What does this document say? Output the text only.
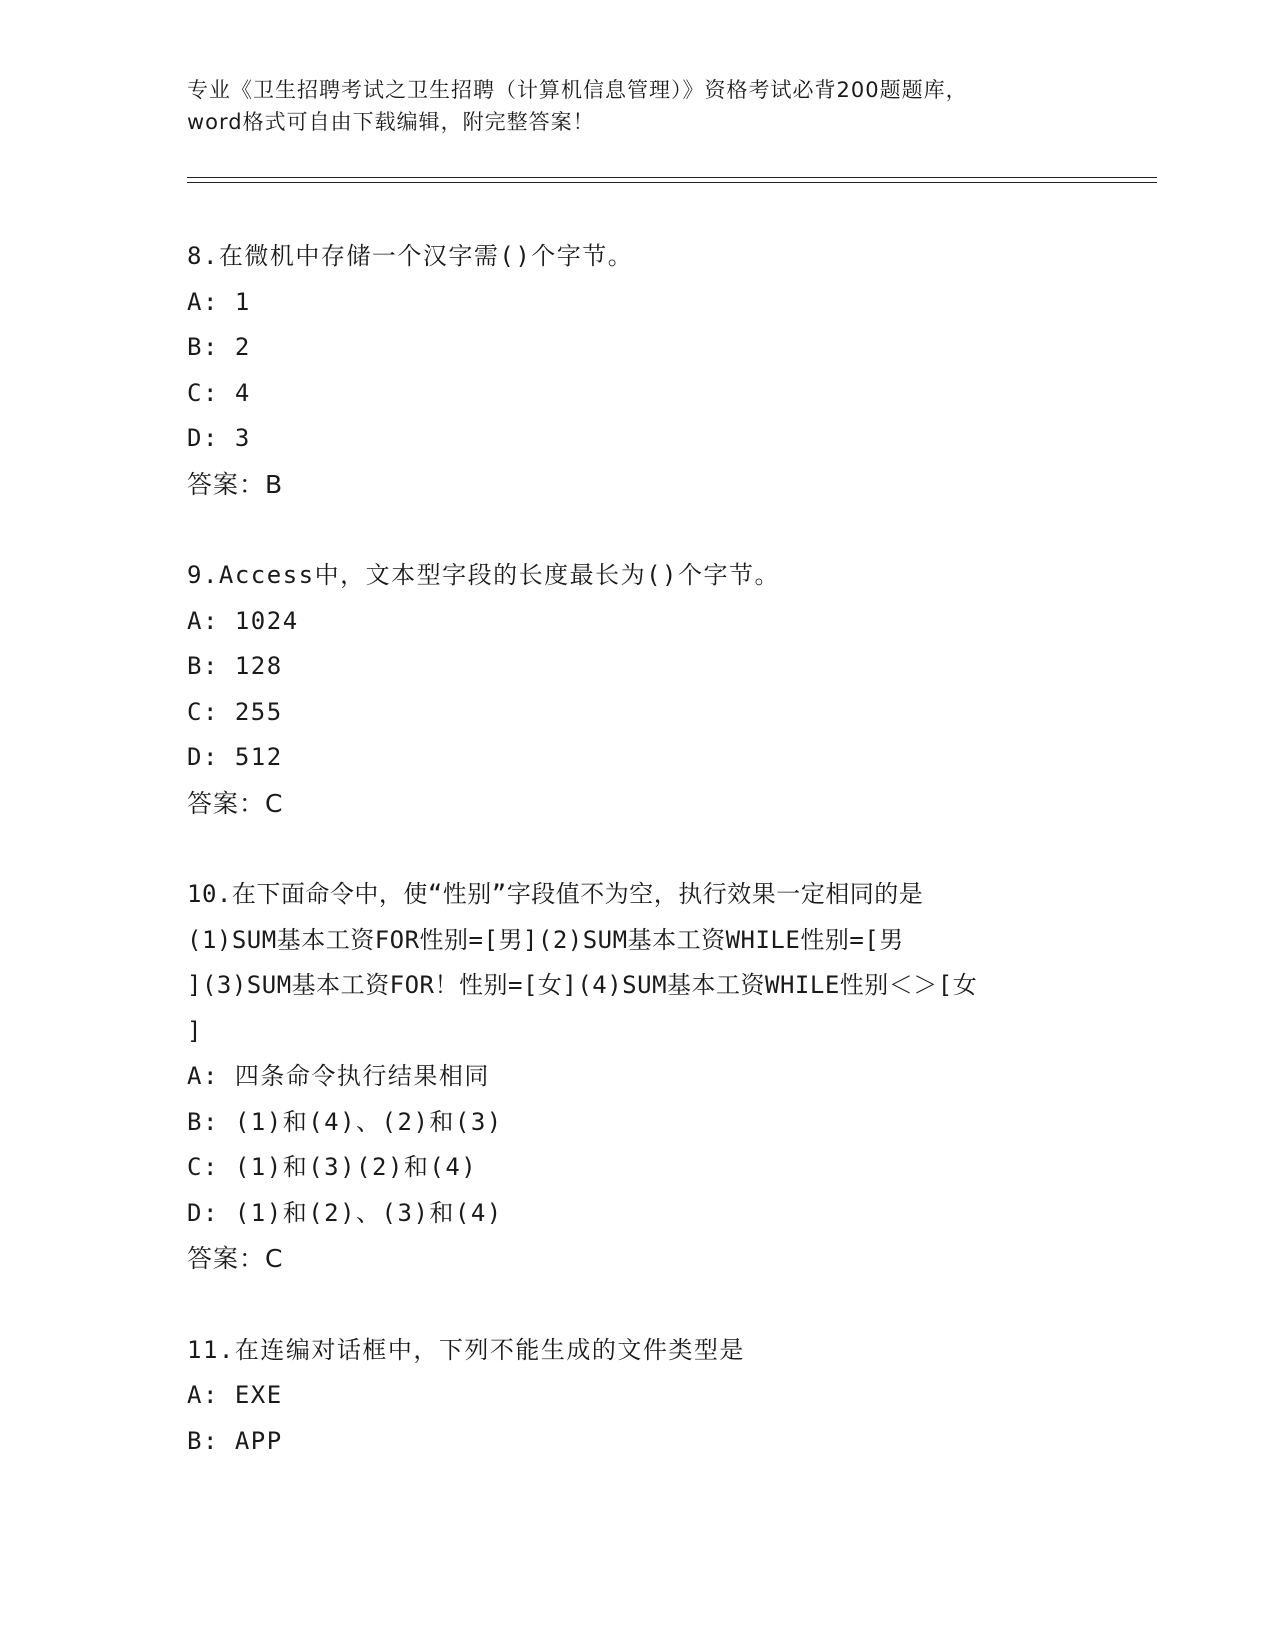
专业《卫生招聘考试之卫生招聘（计算机信息管理）》资格考试必背200题题库，
word格式可自由下载编辑，附完整答案！

8.在微机中存储一个汉字需()个字节。

A: 1

B: 2

C: 4

D: 3

答案：B

9.Access中，文本型字段的长度最长为()个字节。

A: 1024

B: 128

C: 255

D: 512

答案：C

10.在下面命令中，使“性别”字段值不为空，执行效果一定相同的是

(1)SUM基本工资FOR性别=[男](2)SUM基本工资WHILE性别=[男

](3)SUM基本工资FOR！性别=[女](4)SUM基本工资WHILE性别＜＞[女

]

A: 四条命令执行结果相同

B: (1)和(4)、(2)和(3)

C: (1)和(3)(2)和(4)

D: (1)和(2)、(3)和(4)

答案：C

11.在连编对话框中，下列不能生成的文件类型是

A: EXE

B: APP
